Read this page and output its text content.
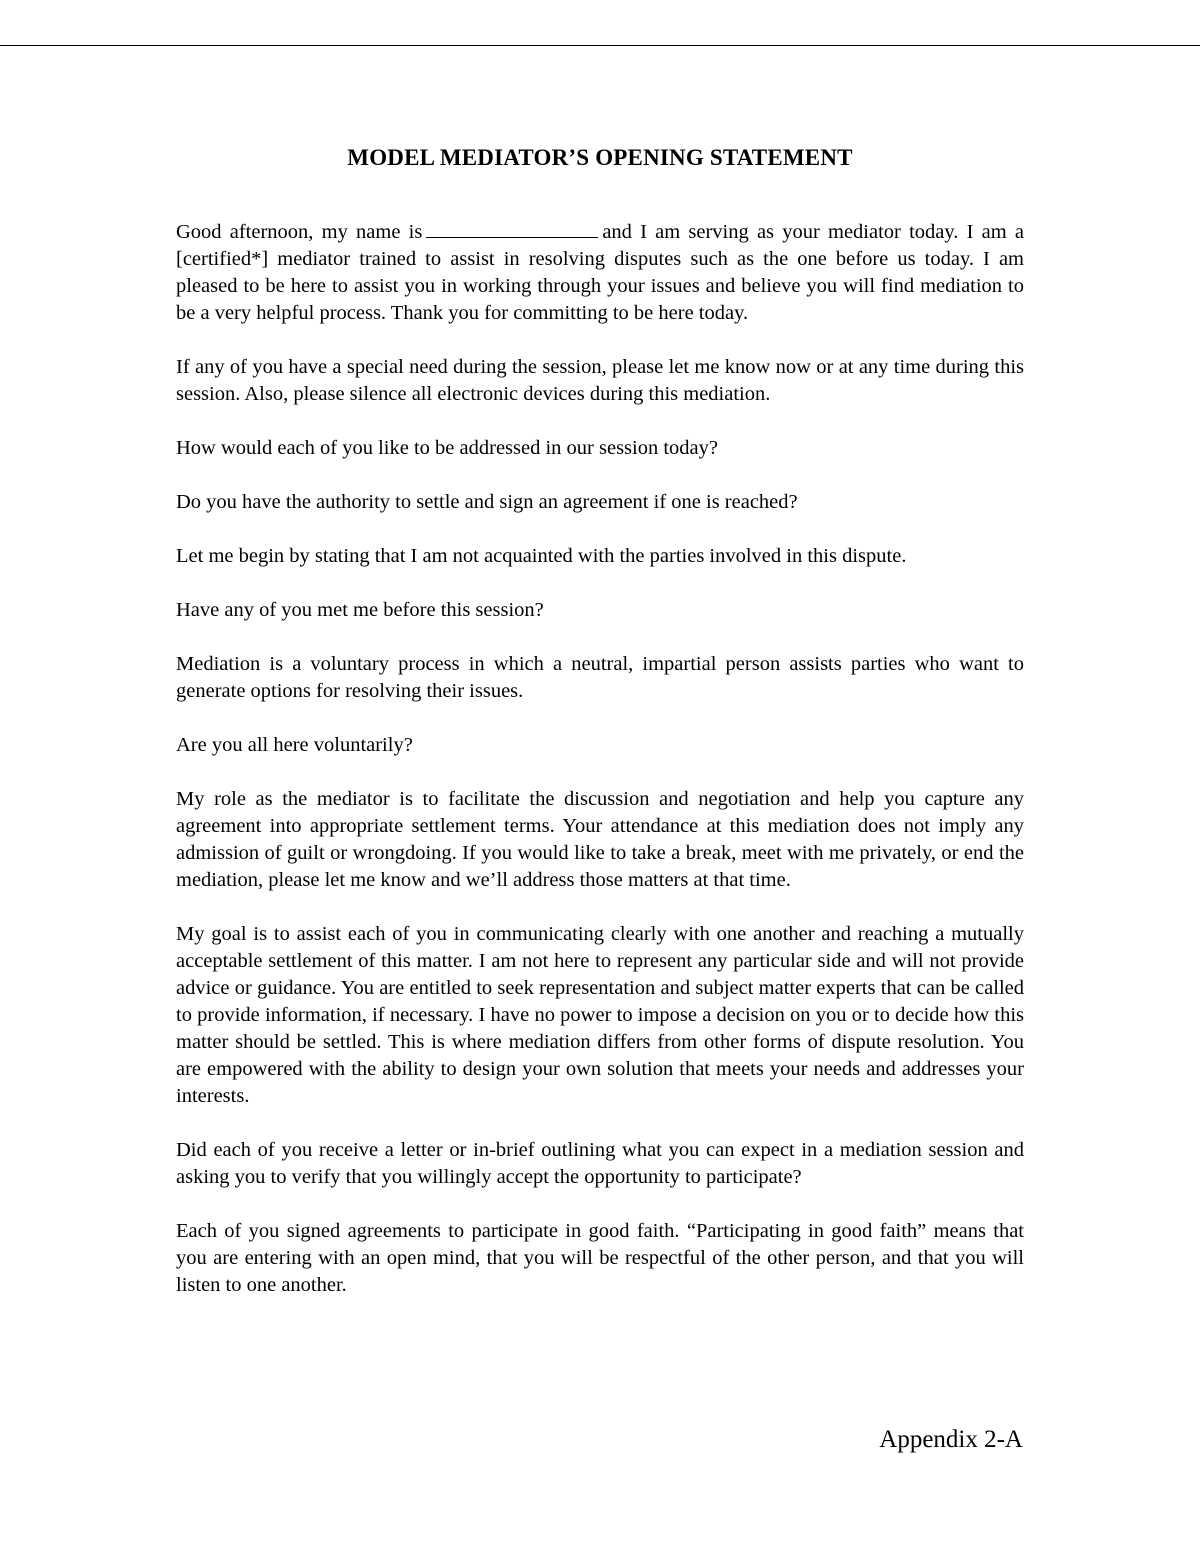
MODEL MEDIATOR’S OPENING STATEMENT

Good afternoon, my name is	and I am serving as your mediator today. I am a [certified*] mediator trained to assist in resolving disputes such as the one before us today. I am pleased to be here to assist you in working through your issues and believe you will find mediation to be a very helpful process. Thank you for committing to be here today.

If any of you have a special need during the session, please let me know now or at any time during this session. Also, please silence all electronic devices during this mediation.

How would each of you like to be addressed in our session today?

Do you have the authority to settle and sign an agreement if one is reached?

Let me begin by stating that I am not acquainted with the parties involved in this dispute.

Have any of you met me before this session?

Mediation is a voluntary process in which a neutral, impartial person assists parties who want to generate options for resolving their issues.

Are you all here voluntarily?

My role as the mediator is to facilitate the discussion and negotiation and help you capture any agreement into appropriate settlement terms. Your attendance at this mediation does not imply any admission of guilt or wrongdoing. If you would like to take a break, meet with me privately, or end the mediation, please let me know and we’ll address those matters at that time.

My goal is to assist each of you in communicating clearly with one another and reaching a mutually acceptable settlement of this matter. I am not here to represent any particular side and will not provide advice or guidance. You are entitled to seek representation and subject matter experts that can be called to provide information, if necessary. I have no power to impose a decision on you or to decide how this matter should be settled. This is where mediation differs from other forms of dispute resolution. You are empowered with the ability to design your own solution that meets your needs and addresses your interests.

Did each of you receive a letter or in-brief outlining what you can expect in a mediation session and asking you to verify that you willingly accept the opportunity to participate?

Each of you signed agreements to participate in good faith. “Participating in good faith” means that you are entering with an open mind, that you will be respectful of the other person, and that you will listen to one another.

Appendix 2-A
